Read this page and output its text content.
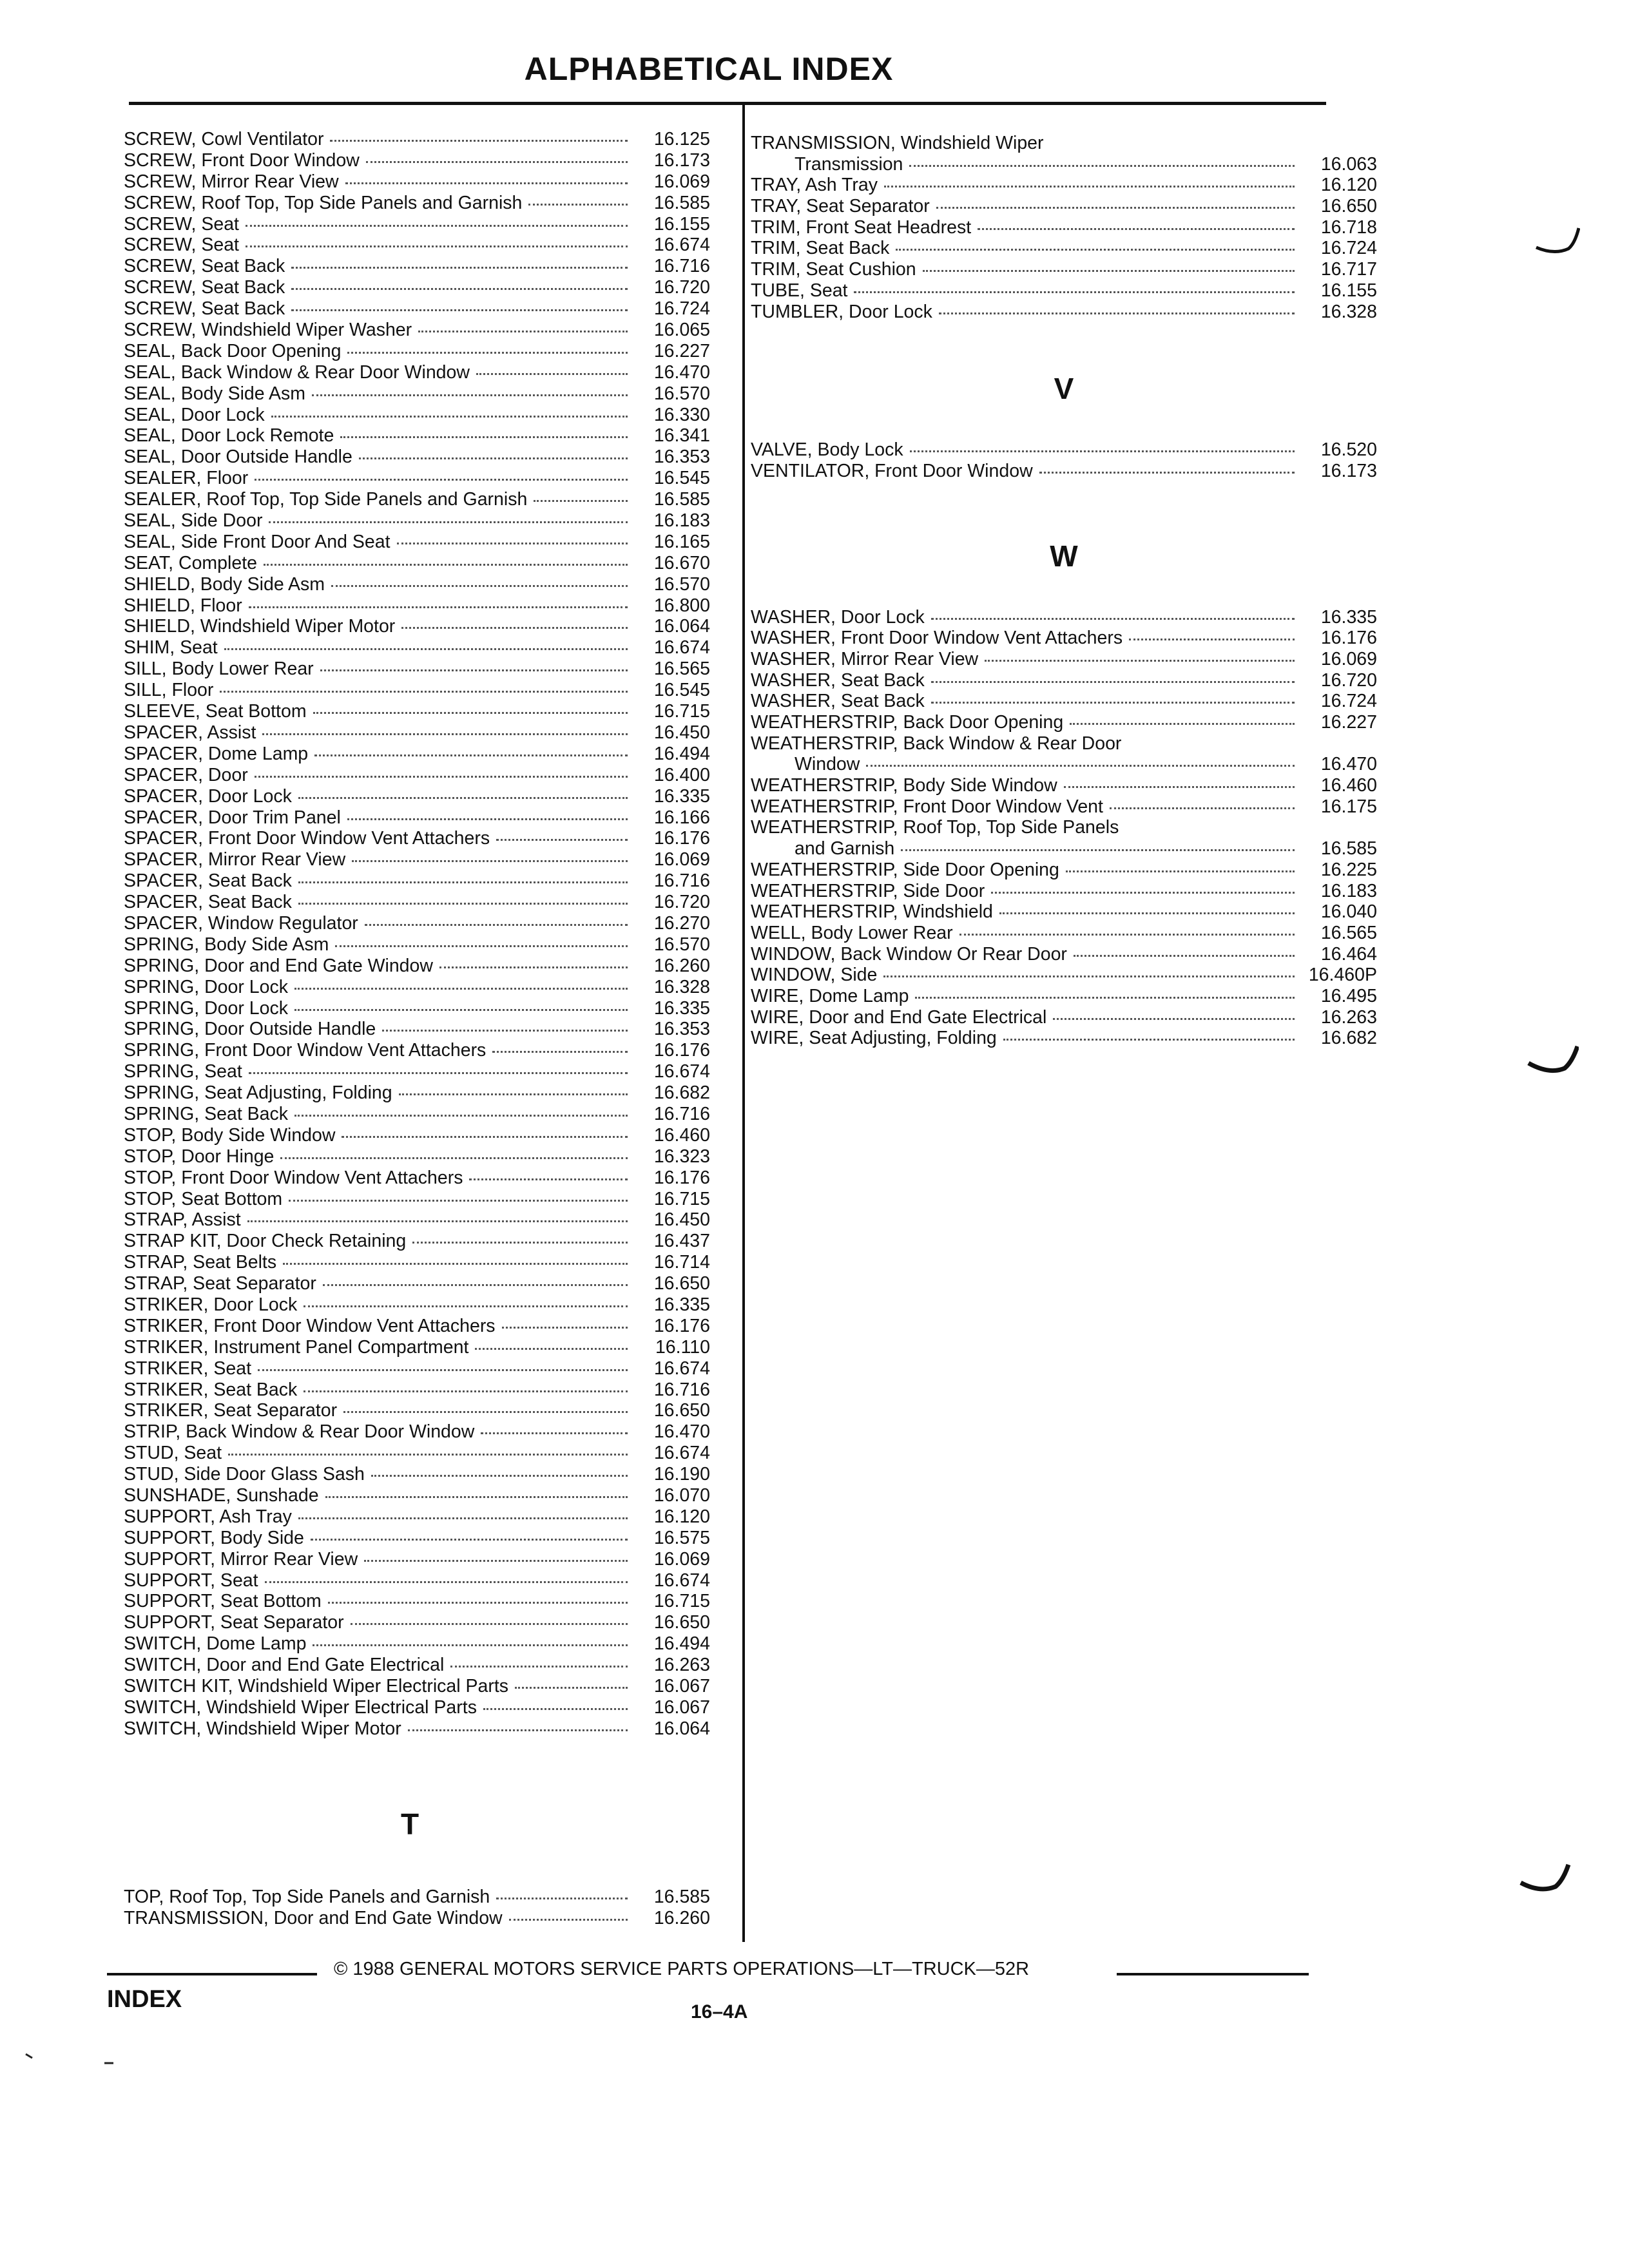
ALPHABETICAL INDEX
SCREW, Cowl Ventilator	16.125
SCREW, Front Door Window	16.173
SCREW, Mirror Rear View	16.069
SCREW, Roof Top, Top Side Panels and Garnish	16.585
SCREW, Seat	16.155
SCREW, Seat	16.674
SCREW, Seat Back	16.716
SCREW, Seat Back	16.720
SCREW, Seat Back	16.724
SCREW, Windshield Wiper Washer	16.065
SEAL, Back Door Opening	16.227
SEAL, Back Window & Rear Door Window	16.470
SEAL, Body Side Asm	16.570
SEAL, Door Lock	16.330
SEAL, Door Lock Remote	16.341
SEAL, Door Outside Handle	16.353
SEALER, Floor	16.545
SEALER, Roof Top, Top Side Panels and Garnish	16.585
SEAL, Side Door	16.183
SEAL, Side Front Door And Seat	16.165
SEAT, Complete	16.670
SHIELD, Body Side Asm	16.570
SHIELD, Floor	16.800
SHIELD, Windshield Wiper Motor	16.064
SHIM, Seat	16.674
SILL, Body Lower Rear	16.565
SILL, Floor	16.545
SLEEVE, Seat Bottom	16.715
SPACER, Assist	16.450
SPACER, Dome Lamp	16.494
SPACER, Door	16.400
SPACER, Door Lock	16.335
SPACER, Door Trim Panel	16.166
SPACER, Front Door Window Vent Attachers	16.176
SPACER, Mirror Rear View	16.069
SPACER, Seat Back	16.716
SPACER, Seat Back	16.720
SPACER, Window Regulator	16.270
SPRING, Body Side Asm	16.570
SPRING, Door and End Gate Window	16.260
SPRING, Door Lock	16.328
SPRING, Door Lock	16.335
SPRING, Door Outside Handle	16.353
SPRING, Front Door Window Vent Attachers	16.176
SPRING, Seat	16.674
SPRING, Seat Adjusting, Folding	16.682
SPRING, Seat Back	16.716
STOP, Body Side Window	16.460
STOP, Door Hinge	16.323
STOP, Front Door Window Vent Attachers	16.176
STOP, Seat Bottom	16.715
STRAP, Assist	16.450
STRAP KIT, Door Check Retaining	16.437
STRAP, Seat Belts	16.714
STRAP, Seat Separator	16.650
STRIKER, Door Lock	16.335
STRIKER, Front Door Window Vent Attachers	16.176
STRIKER, Instrument Panel Compartment	16.110
STRIKER, Seat	16.674
STRIKER, Seat Back	16.716
STRIKER, Seat Separator	16.650
STRIP, Back Window & Rear Door Window	16.470
STUD, Seat	16.674
STUD, Side Door Glass Sash	16.190
SUNSHADE, Sunshade	16.070
SUPPORT, Ash Tray	16.120
SUPPORT, Body Side	16.575
SUPPORT, Mirror Rear View	16.069
SUPPORT, Seat	16.674
SUPPORT, Seat Bottom	16.715
SUPPORT, Seat Separator	16.650
SWITCH, Dome Lamp	16.494
SWITCH, Door and End Gate Electrical	16.263
SWITCH KIT, Windshield Wiper Electrical Parts	16.067
SWITCH, Windshield Wiper Electrical Parts	16.067
SWITCH, Windshield Wiper Motor	16.064
T
TOP, Roof Top, Top Side Panels and Garnish	16.585
TRANSMISSION, Door and End Gate Window	16.260
TRANSMISSION, Windshield Wiper
Transmission	16.063
TRAY, Ash Tray	16.120
TRAY, Seat Separator	16.650
TRIM, Front Seat Headrest	16.718
TRIM, Seat Back	16.724
TRIM, Seat Cushion	16.717
TUBE, Seat	16.155
TUMBLER, Door Lock	16.328
V
VALVE, Body Lock	16.520
VENTILATOR, Front Door Window	16.173
W
WASHER, Door Lock	16.335
WASHER, Front Door Window Vent Attachers	16.176
WASHER, Mirror Rear View	16.069
WASHER, Seat Back	16.720
WASHER, Seat Back	16.724
WEATHERSTRIP, Back Door Opening	16.227
WEATHERSTRIP, Back Window & Rear Door
Window	16.470
WEATHERSTRIP, Body Side Window	16.460
WEATHERSTRIP, Front Door Window Vent	16.175
WEATHERSTRIP, Roof Top, Top Side Panels
and Garnish	16.585
WEATHERSTRIP, Side Door Opening	16.225
WEATHERSTRIP, Side Door	16.183
WEATHERSTRIP, Windshield	16.040
WELL, Body Lower Rear	16.565
WINDOW, Back Window Or Rear Door	16.464
WINDOW, Side	16.460P
WIRE, Dome Lamp	16.495
WIRE, Door and End Gate Electrical	16.263
WIRE, Seat Adjusting, Folding	16.682
© 1988 GENERAL MOTORS SERVICE PARTS OPERATIONS—LT—TRUCK—52R
INDEX	16–4A
